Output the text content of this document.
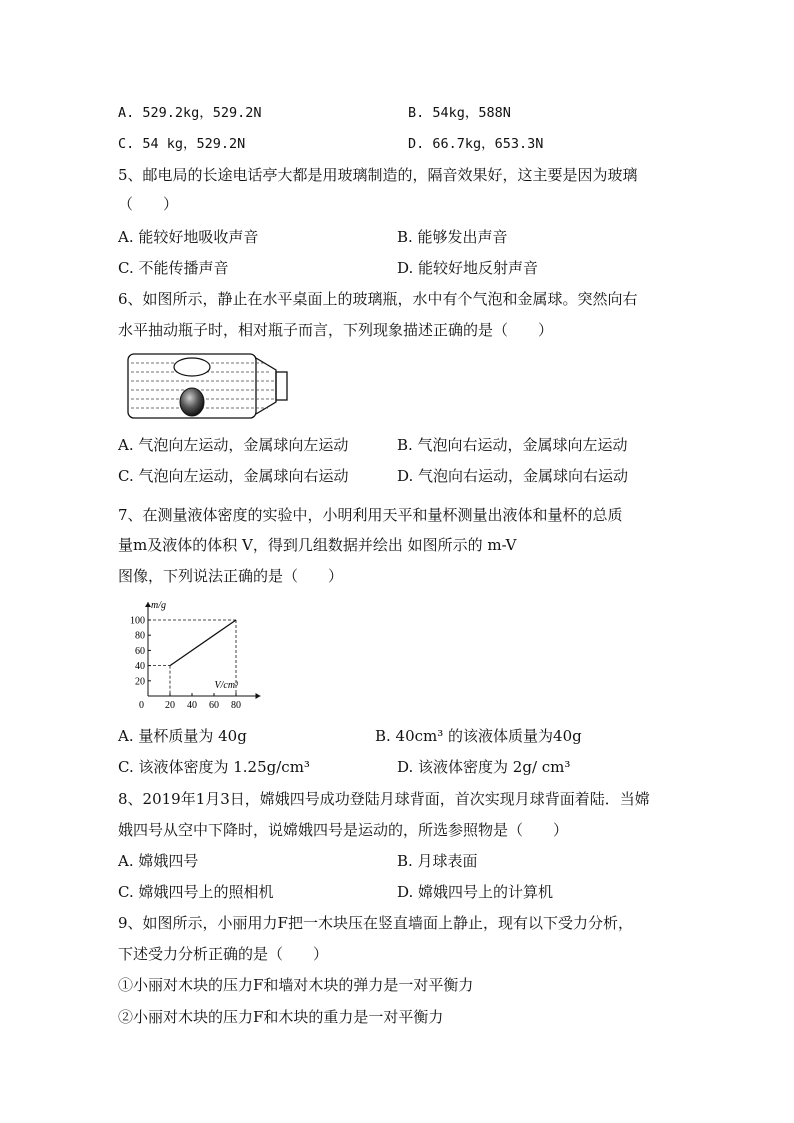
A. 529.2kg，529.2N	B. 54kg，588N
C. 54 kg，529.2N	D. 66.7kg，653.3N
5、邮电局的长途电话亭大都是用玻璃制造的，隔音效果好，这主要是因为玻璃
（　　）
A. 能较好地吸收声音	B. 能够发出声音
C. 不能传播声音	D. 能较好地反射声音
6、如图所示，静止在水平桌面上的玻璃瓶，水中有个气泡和金属球。突然向右
水平抽动瓶子时，相对瓶子而言，下列现象描述正确的是（　　）
A. 气泡向左运动，金属球向左运动	B. 气泡向右运动，金属球向左运动
C. 气泡向左运动，金属球向右运动	D. 气泡向右运动，金属球向右运动
7、在测量液体密度的实验中，小明利用天平和量杯测量出液体和量杯的总质
量m及液体的体积 V，得到几组数据并绘出 如图所示的 m-V
图像，下列说法正确的是（　　）
m/g
V/cm³
0
20
40
60
80
100
20 40 60 80
A. 量杯质量为 40g	B. 40cm³ 的该液体质量为40g
C. 该液体密度为 1.25g/cm³	D. 该液体密度为 2g/ cm³
8、2019年1月3日，嫦娥四号成功登陆月球背面，首次实现月球背面着陆．当嫦
娥四号从空中下降时，说嫦娥四号是运动的，所选参照物是（　　）
A. 嫦娥四号	B. 月球表面
C. 嫦娥四号上的照相机	D. 嫦娥四号上的计算机
9、如图所示，小丽用力F把一木块压在竖直墙面上静止，现有以下受力分析，
下述受力分析正确的是（　　）
①小丽对木块的压力F和墙对木块的弹力是一对平衡力
②小丽对木块的压力F和木块的重力是一对平衡力
